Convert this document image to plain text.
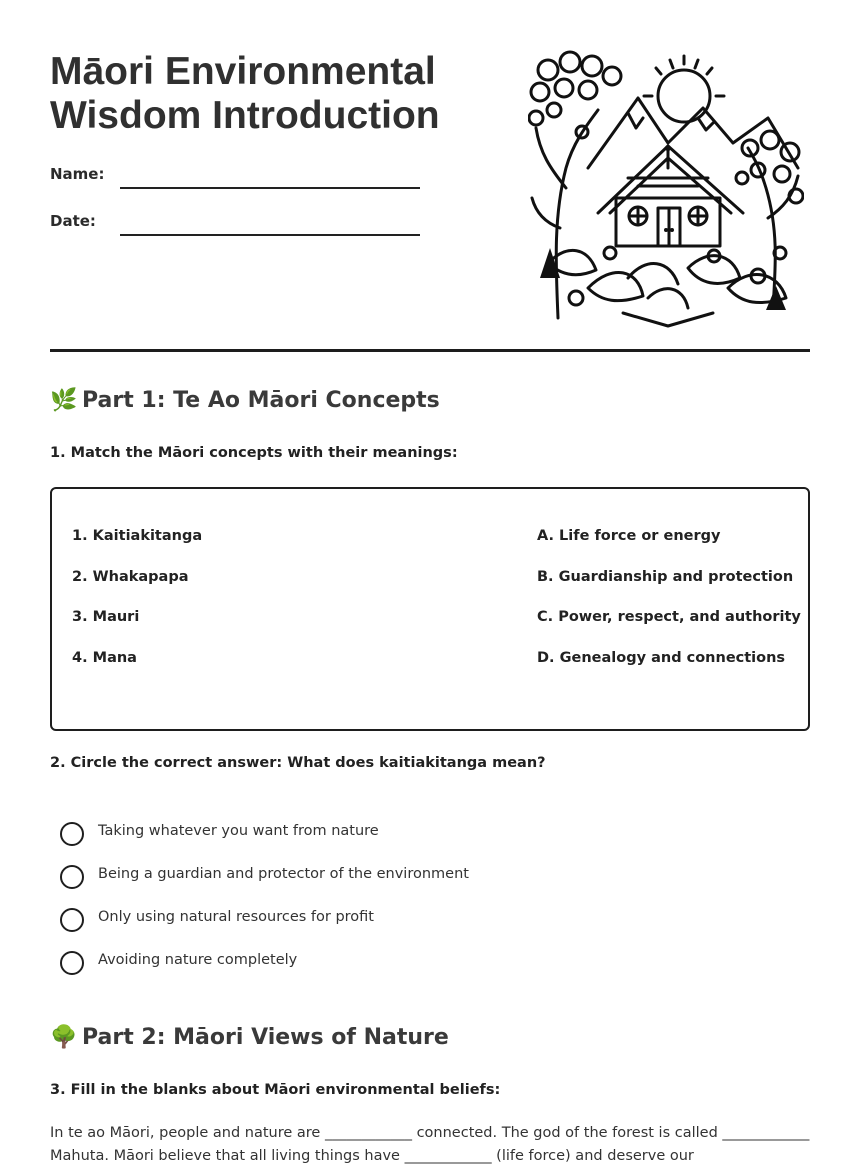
Māori Environmental
Wisdom Introduction
Name:
Date:
🌿 Part 1: Te Ao Māori Concepts

1. Match the Māori concepts with their meanings:

1. Kaitiakitanga
2. Whakapapa
3. Mauri
4. Mana
A. Life force or energy
B. Guardianship and protection
C. Power, respect, and authority
D. Genealogy and connections

2. Circle the correct answer: What does kaitiakitanga mean?

Taking whatever you want from nature
Being a guardian and protector of the environment
Only using natural resources for profit
Avoiding nature completely
🌳 Part 2: Māori Views of Nature

3. Fill in the blanks about Māori environmental beliefs:

In te ao Māori, people and nature are ____________ connected. The god of the forest is called ____________ Mahuta. Māori believe that all living things have ____________ (life force) and deserve our
